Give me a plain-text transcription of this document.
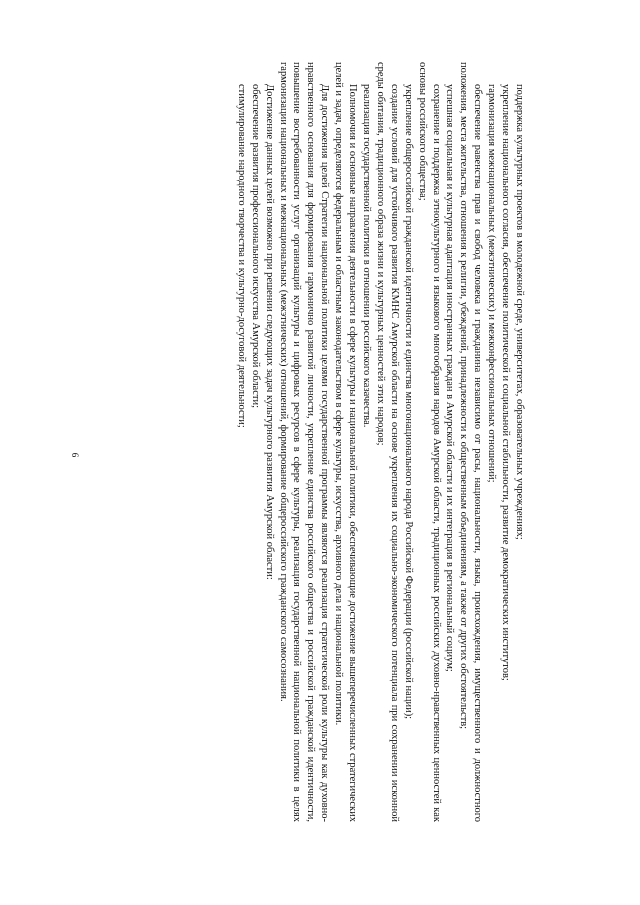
6	поддержка культурных проектов в молодежной среде, университетах, образовательных учреждениях;

укрепление национального согласия, обеспечение политической и социальной стабильности, развитие демократических институтов;

гармонизация межнациональных (межэтнических) и межконфессиональных отношений;

обеспечение равенства прав и свобод человека и гражданина независимо от расы, национальности, языка, происхождения, имущественного и должностного положения, места жительства, отношения к религии, убеждений, принадлежности к общественным объединениям, а также от других обстоятельств;

успешная социальная и культурная адаптация иностранных граждан в Амурской области и их интеграция в региональный социум;

сохранение и поддержка этнокультурного и языкового многообразия народов Амурской области, традиционных российских духовно-нравственных ценностей как основы российского общества;

укрепление общероссийской гражданской идентичности и единства многонационального народа Российской Федерации (российской нации);

создание условий для устойчивого развития КМНС Амурской области на основе укрепления их социально-экономического потенциала при сохранении исконной среды обитания, традиционного образа жизни и культурных ценностей этих народов;

реализация государственной политики в отношении российского казачества.

Полномочия и основные направления деятельности в сфере культуры и национальной политики, обеспечивающие достижение вышеперечисленных стратегических целей и задач, определяются федеральным и областным законодательством в сфере культуры, искусства, архивного дела и национальной политики.

Для достижения целей Стратегии национальной политики целями государственной программы являются реализация стратегической роли культуры как духовно-нравственного основания для формирования гармонично развитой личности, укрепление единства российского общества и российской гражданской идентичности, повышение востребованности услуг организаций культуры и цифровых ресурсов в сфере культуры, реализация государственной национальной политики в целях гармонизации национальных и межнациональных (межэтнических) отношений, формирование общероссийского гражданского самосознания.

Достижение данных целей возможно при решении следующих задач культурного развития Амурской области:

обеспечение развития профессионального искусства Амурской области;

стимулирование народного творчества и культурно-досуговой деятельности;
